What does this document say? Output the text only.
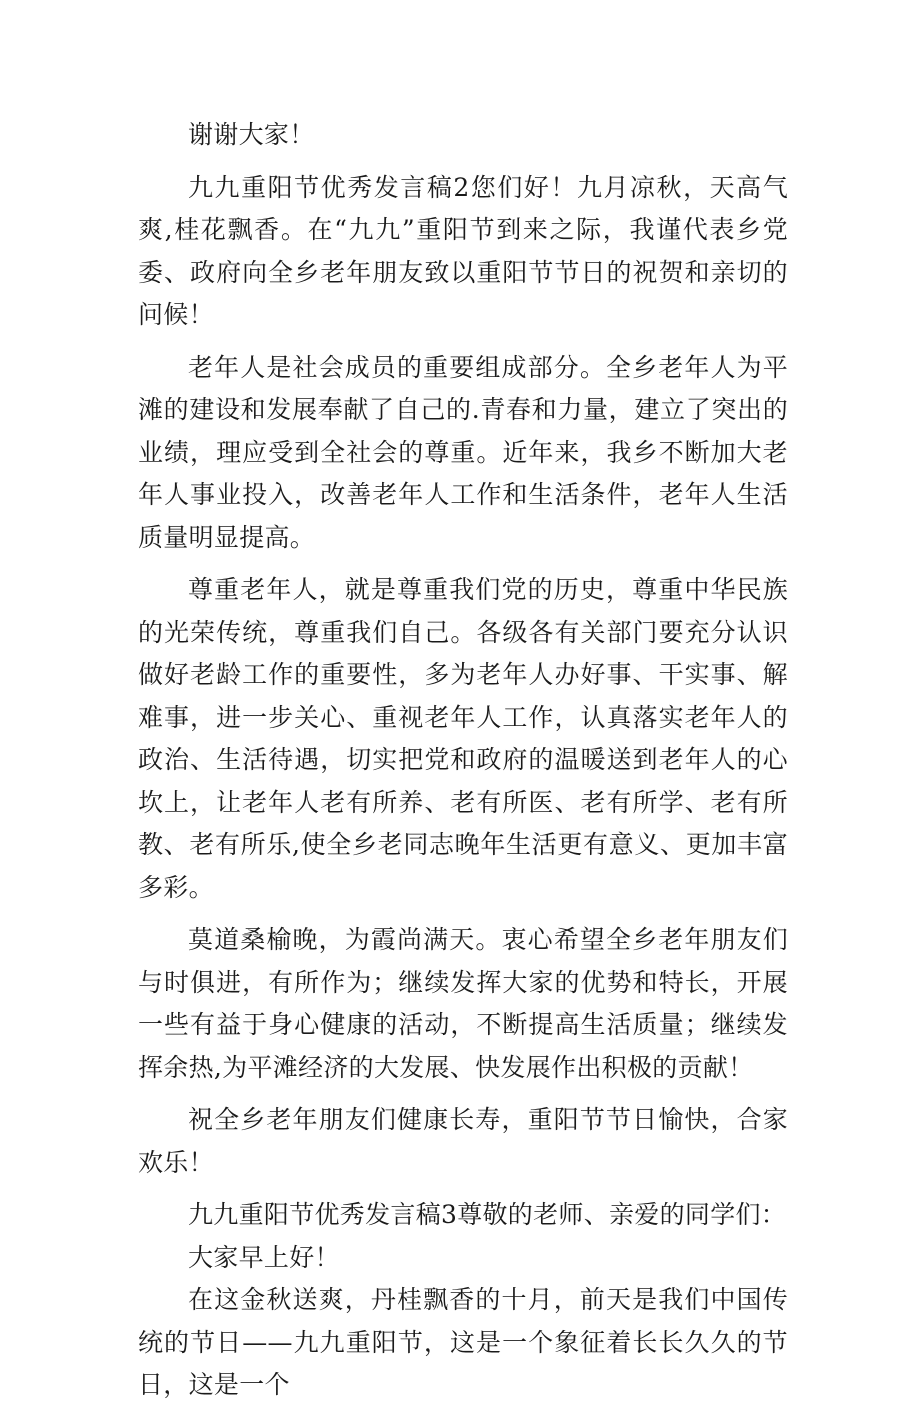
谢谢大家！

九九重阳节优秀发言稿2您们好！九月凉秋，天高气爽,桂花飘香。在“九九”重阳节到来之际，我谨代表乡党委、政府向全乡老年朋友致以重阳节节日的祝贺和亲切的问候！

老年人是社会成员的重要组成部分。全乡老年人为平滩的建设和发展奉献了自己的.青春和力量，建立了突出的业绩，理应受到全社会的尊重。近年来，我乡不断加大老年人事业投入，改善老年人工作和生活条件，老年人生活质量明显提高。

尊重老年人，就是尊重我们党的历史，尊重中华民族的光荣传统，尊重我们自己。各级各有关部门要充分认识做好老龄工作的重要性，多为老年人办好事、干实事、解难事，进一步关心、重视老年人工作，认真落实老年人的政治、生活待遇，切实把党和政府的温暖送到老年人的心坎上，让老年人老有所养、老有所医、老有所学、老有所教、老有所乐,使全乡老同志晚年生活更有意义、更加丰富多彩。

莫道桑榆晚，为霞尚满天。衷心希望全乡老年朋友们与时俱进，有所作为；继续发挥大家的优势和特长，开展一些有益于身心健康的活动，不断提高生活质量；继续发挥余热,为平滩经济的大发展、快发展作出积极的贡献！

祝全乡老年朋友们健康长寿，重阳节节日愉快，合家欢乐！

九九重阳节优秀发言稿3尊敬的老师、亲爱的同学们：

大家早上好！

在这金秋送爽，丹桂飘香的十月，前天是我们中国传统的节日——九九重阳节，这是一个象征着长长久久的节日，这是一个
